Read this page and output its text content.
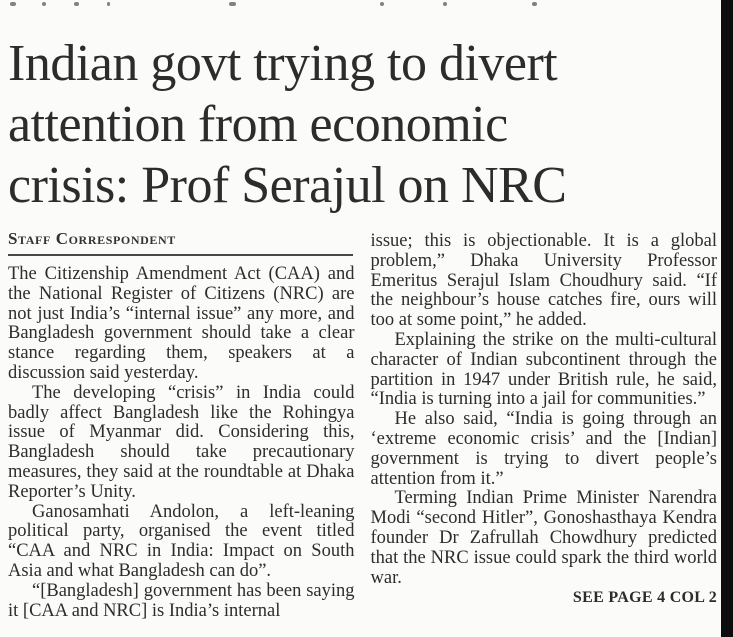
Indian govt trying to divert
attention from economic
crisis: Prof Serajul on NRC
Staff Correspondent

The Citizenship Amendment Act (CAA) and the National Register of Citizens (NRC) are not just India’s “internal issue” any more, and Bangladesh government should take a clear stance regarding them, speakers at a discussion said yesterday.

The developing “crisis” in India could badly affect Bangladesh like the Rohingya issue of Myanmar did. Considering this, Bangladesh should take precautionary measures, they said at the roundtable at Dhaka Reporter’s Unity.

Ganosamhati Andolon, a left-leaning political party, organised the event titled “CAA and NRC in India: Impact on South Asia and what Bangladesh can do”.

“[Bangladesh] government has been saying it [CAA and NRC] is India’s internal

issue; this is objectionable. It is a global problem,” Dhaka University Professor Emeritus Serajul Islam Choudhury said. “If the neighbour’s house catches fire, ours will too at some point,” he added.

Explaining the strike on the multi-cultural character of Indian subcontinent through the partition in 1947 under British rule, he said, “India is turning into a jail for communities.”

He also said, “India is going through an ‘extreme economic crisis’ and the [Indian] government is trying to divert people’s attention from it.”

Terming Indian Prime Minister Narendra Modi “second Hitler”, Gonoshasthaya Kendra founder Dr Zafrullah Chowdhury predicted that the NRC issue could spark the third world war.

SEE PAGE 4 COL 2
